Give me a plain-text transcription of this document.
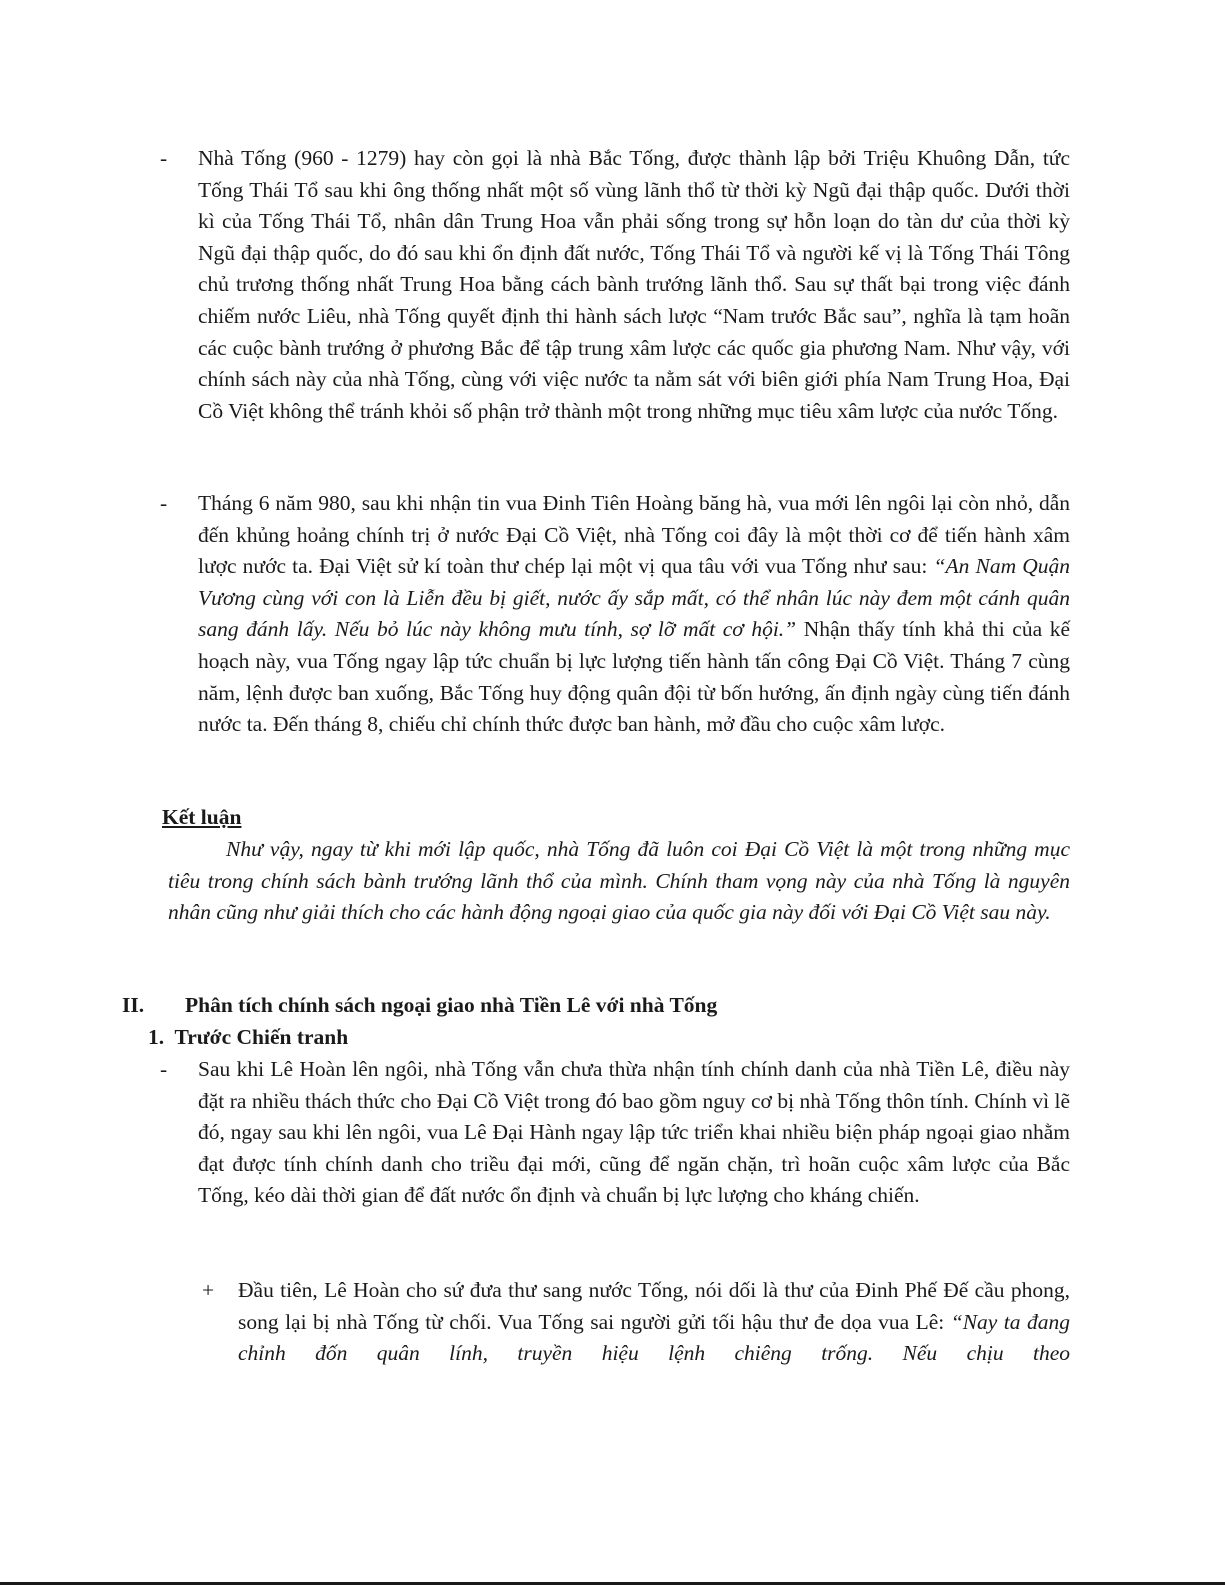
- Nhà Tống (960 - 1279) hay còn gọi là nhà Bắc Tống, được thành lập bởi Triệu Khuông Dẫn, tức Tống Thái Tổ sau khi ông thống nhất một số vùng lãnh thổ từ thời kỳ Ngũ đại thập quốc. Dưới thời kì của Tống Thái Tổ, nhân dân Trung Hoa vẫn phải sống trong sự hỗn loạn do tàn dư của thời kỳ Ngũ đại thập quốc, do đó sau khi ổn định đất nước, Tống Thái Tổ và người kế vị là Tống Thái Tông chủ trương thống nhất Trung Hoa bằng cách bành trướng lãnh thổ. Sau sự thất bại trong việc đánh chiếm nước Liêu, nhà Tống quyết định thi hành sách lược “Nam trước Bắc sau”, nghĩa là tạm hoãn các cuộc bành trướng ở phương Bắc để tập trung xâm lược các quốc gia phương Nam. Như vậy, với chính sách này của nhà Tống, cùng với việc nước ta nằm sát với biên giới phía Nam Trung Hoa, Đại Cồ Việt không thể tránh khỏi số phận trở thành một trong những mục tiêu xâm lược của nước Tống.
- Tháng 6 năm 980, sau khi nhận tin vua Đinh Tiên Hoàng băng hà, vua mới lên ngôi lại còn nhỏ, dẫn đến khủng hoảng chính trị ở nước Đại Cồ Việt, nhà Tống coi đây là một thời cơ để tiến hành xâm lược nước ta. Đại Việt sử kí toàn thư chép lại một vị qua tâu với vua Tống như sau: “An Nam Quận Vương cùng với con là Liễn đều bị giết, nước ấy sắp mất, có thể nhân lúc này đem một cánh quân sang đánh lấy. Nếu bỏ lúc này không mưu tính, sợ lỡ mất cơ hội.” Nhận thấy tính khả thi của kế hoạch này, vua Tống ngay lập tức chuẩn bị lực lượng tiến hành tấn công Đại Cồ Việt. Tháng 7 cùng năm, lệnh được ban xuống, Bắc Tống huy động quân đội từ bốn hướng, ấn định ngày cùng tiến đánh nước ta. Đến tháng 8, chiếu chỉ chính thức được ban hành, mở đầu cho cuộc xâm lược.
Kết luận
Như vậy, ngay từ khi mới lập quốc, nhà Tống đã luôn coi Đại Cồ Việt là một trong những mục tiêu trong chính sách bành trướng lãnh thổ của mình. Chính tham vọng này của nhà Tống là nguyên nhân cũng như giải thích cho các hành động ngoại giao của quốc gia này đối với Đại Cồ Việt sau này.
II. Phân tích chính sách ngoại giao nhà Tiền Lê với nhà Tống
1.  Trước Chiến tranh
- Sau khi Lê Hoàn lên ngôi, nhà Tống vẫn chưa thừa nhận tính chính danh của nhà Tiền Lê, điều này đặt ra nhiều thách thức cho Đại Cồ Việt trong đó bao gồm nguy cơ bị nhà Tống thôn tính. Chính vì lẽ đó, ngay sau khi lên ngôi, vua Lê Đại Hành ngay lập tức triển khai nhiều biện pháp ngoại giao nhằm đạt được tính chính danh cho triều đại mới, cũng để ngăn chặn, trì hoãn cuộc xâm lược của Bắc Tống, kéo dài thời gian để đất nước ổn định và chuẩn bị lực lượng cho kháng chiến.
+ Đầu tiên, Lê Hoàn cho sứ đưa thư sang nước Tống, nói dối là thư của Đinh Phế Đế cầu phong, song lại bị nhà Tống từ chối. Vua Tống sai người gửi tối hậu thư đe dọa vua Lê: “Nay ta đang chỉnh đốn quân lính, truyền hiệu lệnh chiêng trống. Nếu chịu theo
